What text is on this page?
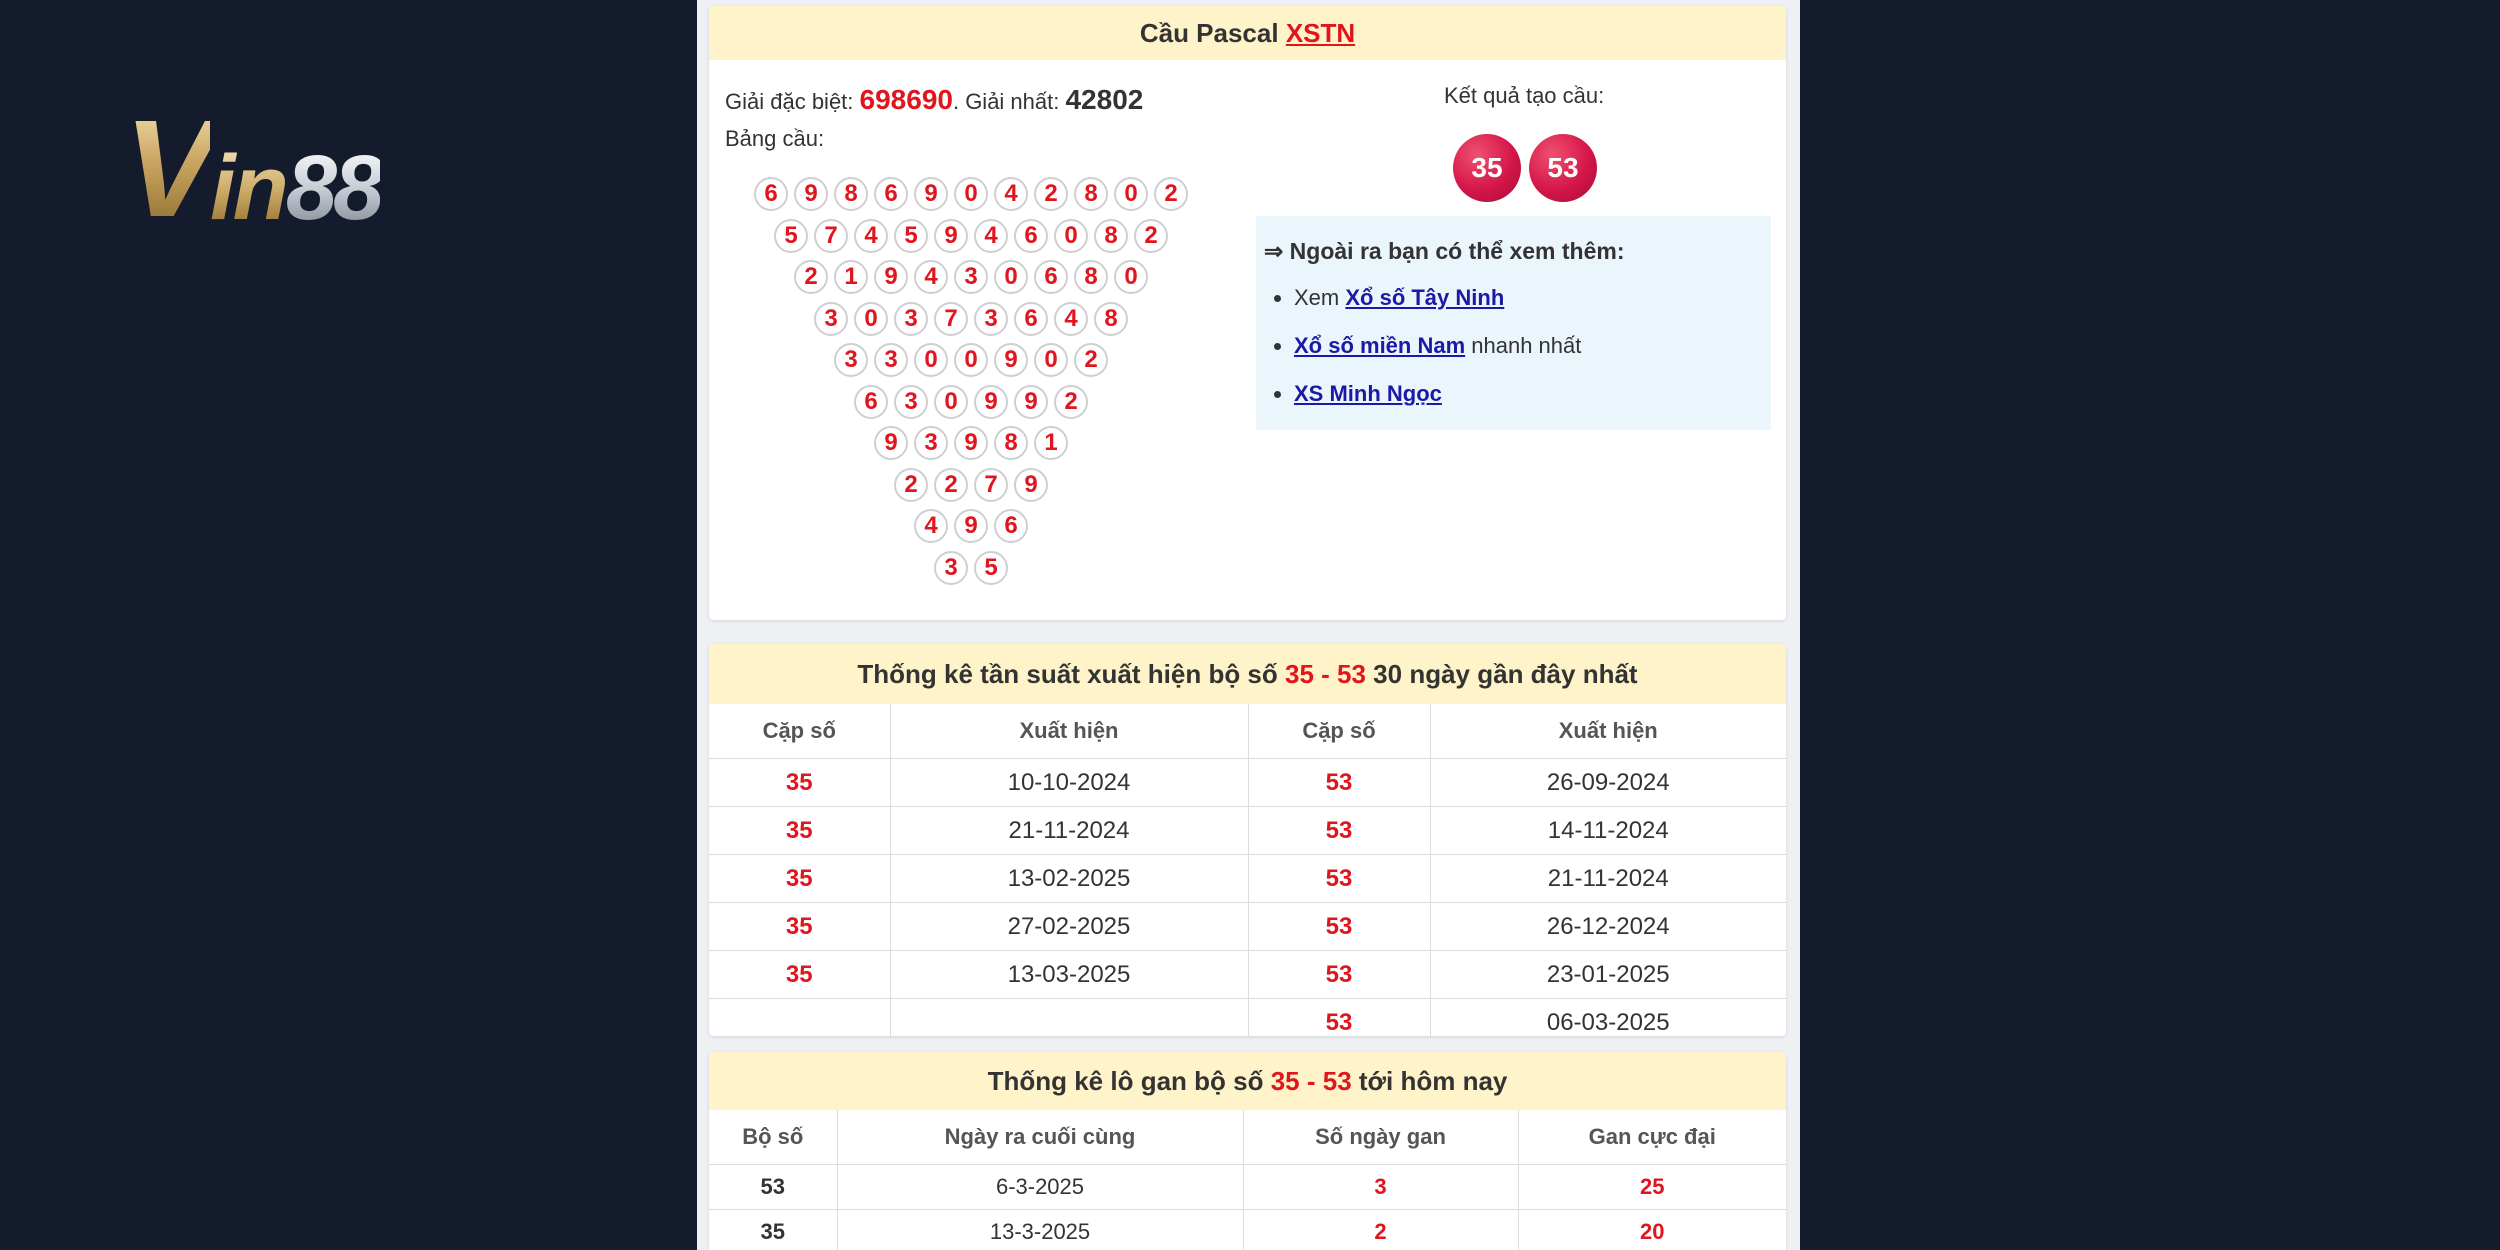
V in 88
Cầu Pascal XSTN
Giải đặc biệt: 698690. Giải nhất: 42802
Bảng cầu:
6	9	8	6	9	0	4	2	8	0	2
5	7	4	5	9	4	6	0	8	2
2	1	9	4	3	0	6	8	0
3	0	3	7	3	6	4	8
3	3	0	0	9	0	2
6	3	0	9	9	2
9	3	9	8	1
2	2	7	9
4	9	6
3	5
Kết quả tạo cầu:
35	53
⇒ Ngoài ra bạn có thể xem thêm:
• Xem Xổ số Tây Ninh
• Xổ số miền Nam nhanh nhất
• XS Minh Ngọc
Thống kê tần suất xuất hiện bộ số 35 - 53 30 ngày gần đây nhất
Cặp số	Xuất hiện	Cặp số	Xuất hiện
35	10-10-2024	53	26-09-2024
35	21-11-2024	53	14-11-2024
35	13-02-2025	53	21-11-2024
35	27-02-2025	53	26-12-2024
35	13-03-2025	53	23-01-2025
		53	06-03-2025
Thống kê lô gan bộ số 35 - 53 tới hôm nay
Bộ số	Ngày ra cuối cùng	Số ngày gan	Gan cực đại
53	6-3-2025	3	25
35	13-3-2025	2	20
